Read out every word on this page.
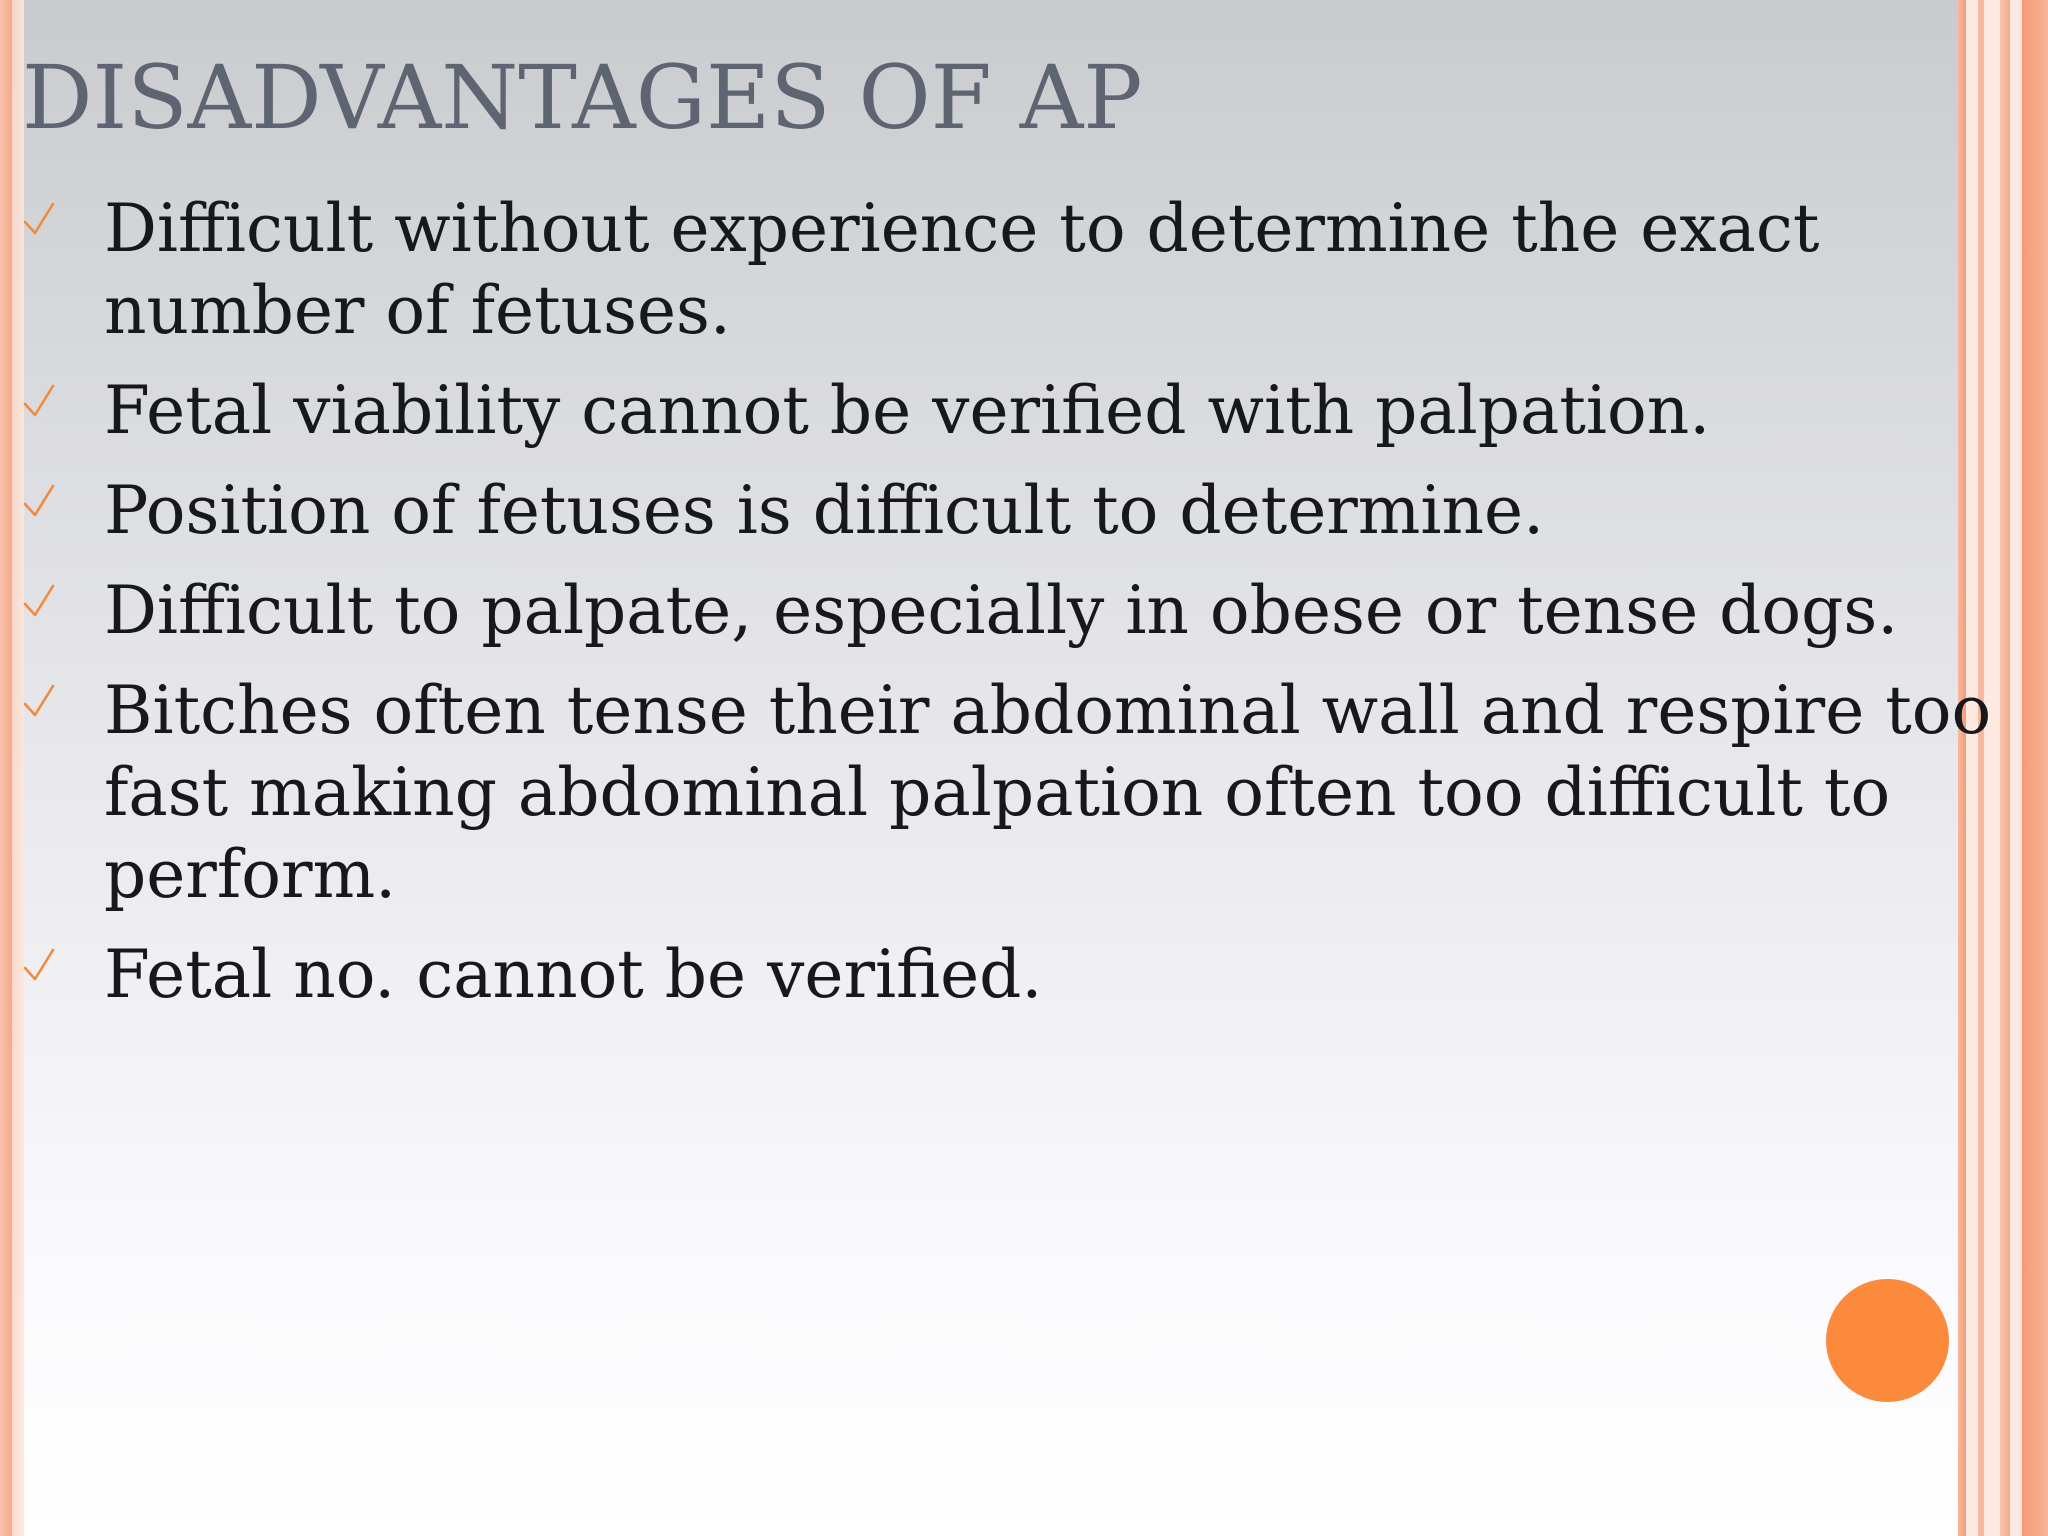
DISADVANTAGES OF AP
Difficult without experience to determine the exact number of fetuses.
Fetal viability cannot be verified with palpation.
Position of fetuses is difficult to determine.
Difficult to palpate, especially in obese or tense dogs.
Bitches often tense their abdominal wall and respire too fast making abdominal palpation often too difficult to perform.
Fetal no. cannot be verified.
